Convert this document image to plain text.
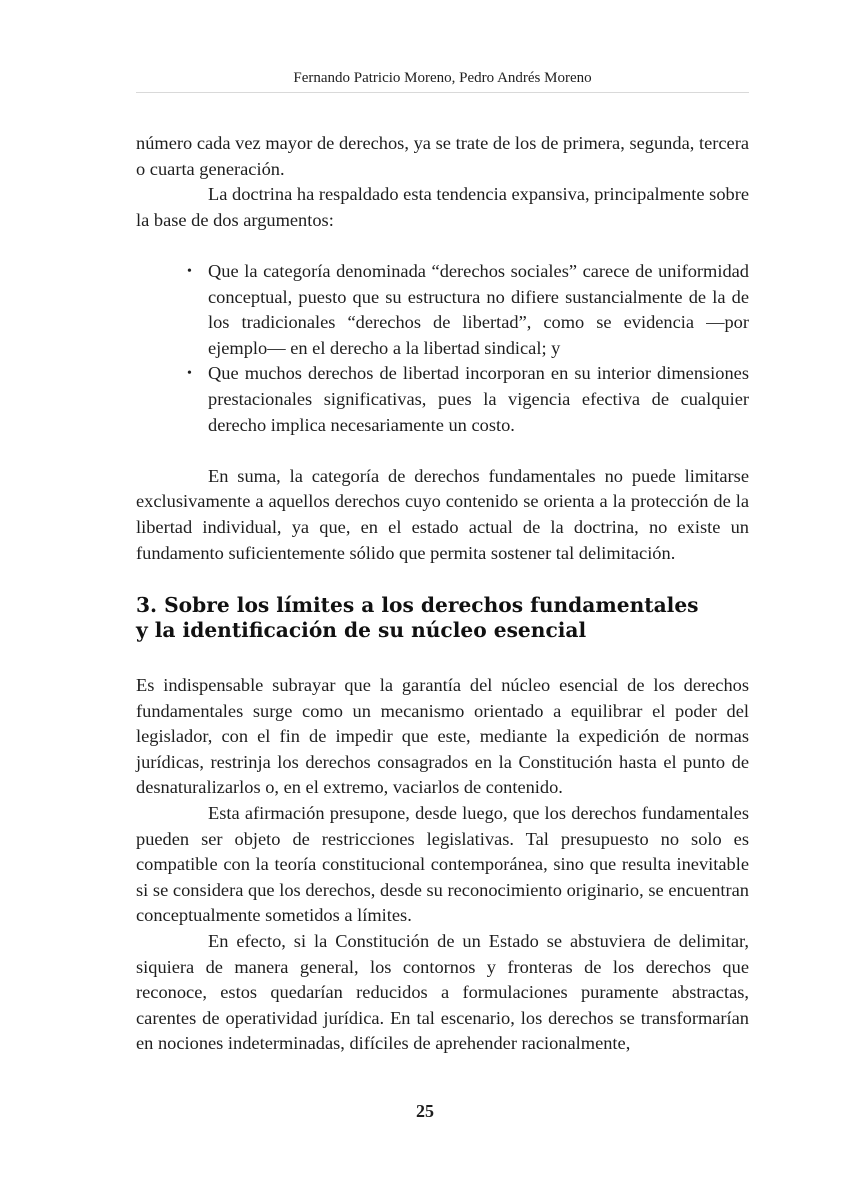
Fernando Patricio Moreno, Pedro Andrés Moreno

número cada vez mayor de derechos, ya se trate de los de primera, segunda, tercera o cuarta generación.

La doctrina ha respaldado esta tendencia expansiva, principalmente sobre la base de dos argumentos:

• Que la categoría denominada “derechos sociales” carece de uniformidad conceptual, puesto que su estructura no difiere sustancialmente de la de los tradicionales “derechos de libertad”, como se evidencia —por ejemplo— en el derecho a la libertad sindical; y
• Que muchos derechos de libertad incorporan en su interior dimensiones prestacionales significativas, pues la vigencia efectiva de cualquier derecho implica necesariamente un costo.

En suma, la categoría de derechos fundamentales no puede limitarse exclusivamente a aquellos derechos cuyo contenido se orienta a la protección de la libertad individual, ya que, en el estado actual de la doctrina, no existe un fundamento suficientemente sólido que permita sostener tal delimitación.

3. Sobre los límites a los derechos fundamentales
y la identificación de su núcleo esencial

Es indispensable subrayar que la garantía del núcleo esencial de los derechos fundamentales surge como un mecanismo orientado a equilibrar el poder del legislador, con el fin de impedir que este, mediante la expedición de normas jurídicas, restrinja los derechos consagrados en la Constitución hasta el punto de desnaturalizarlos o, en el extremo, vaciarlos de contenido.

Esta afirmación presupone, desde luego, que los derechos fundamentales pueden ser objeto de restricciones legislativas. Tal presupuesto no solo es compatible con la teoría constitucional contemporánea, sino que resulta inevitable si se considera que los derechos, desde su reconocimiento originario, se encuentran conceptualmente sometidos a límites.

En efecto, si la Constitución de un Estado se abstuviera de delimitar, siquiera de manera general, los contornos y fronteras de los derechos que reconoce, estos quedarían reducidos a formulaciones puramente abstractas, carentes de operatividad jurídica. En tal escenario, los derechos se transformarían en nociones indeterminadas, difíciles de aprehender racionalmente,

25
